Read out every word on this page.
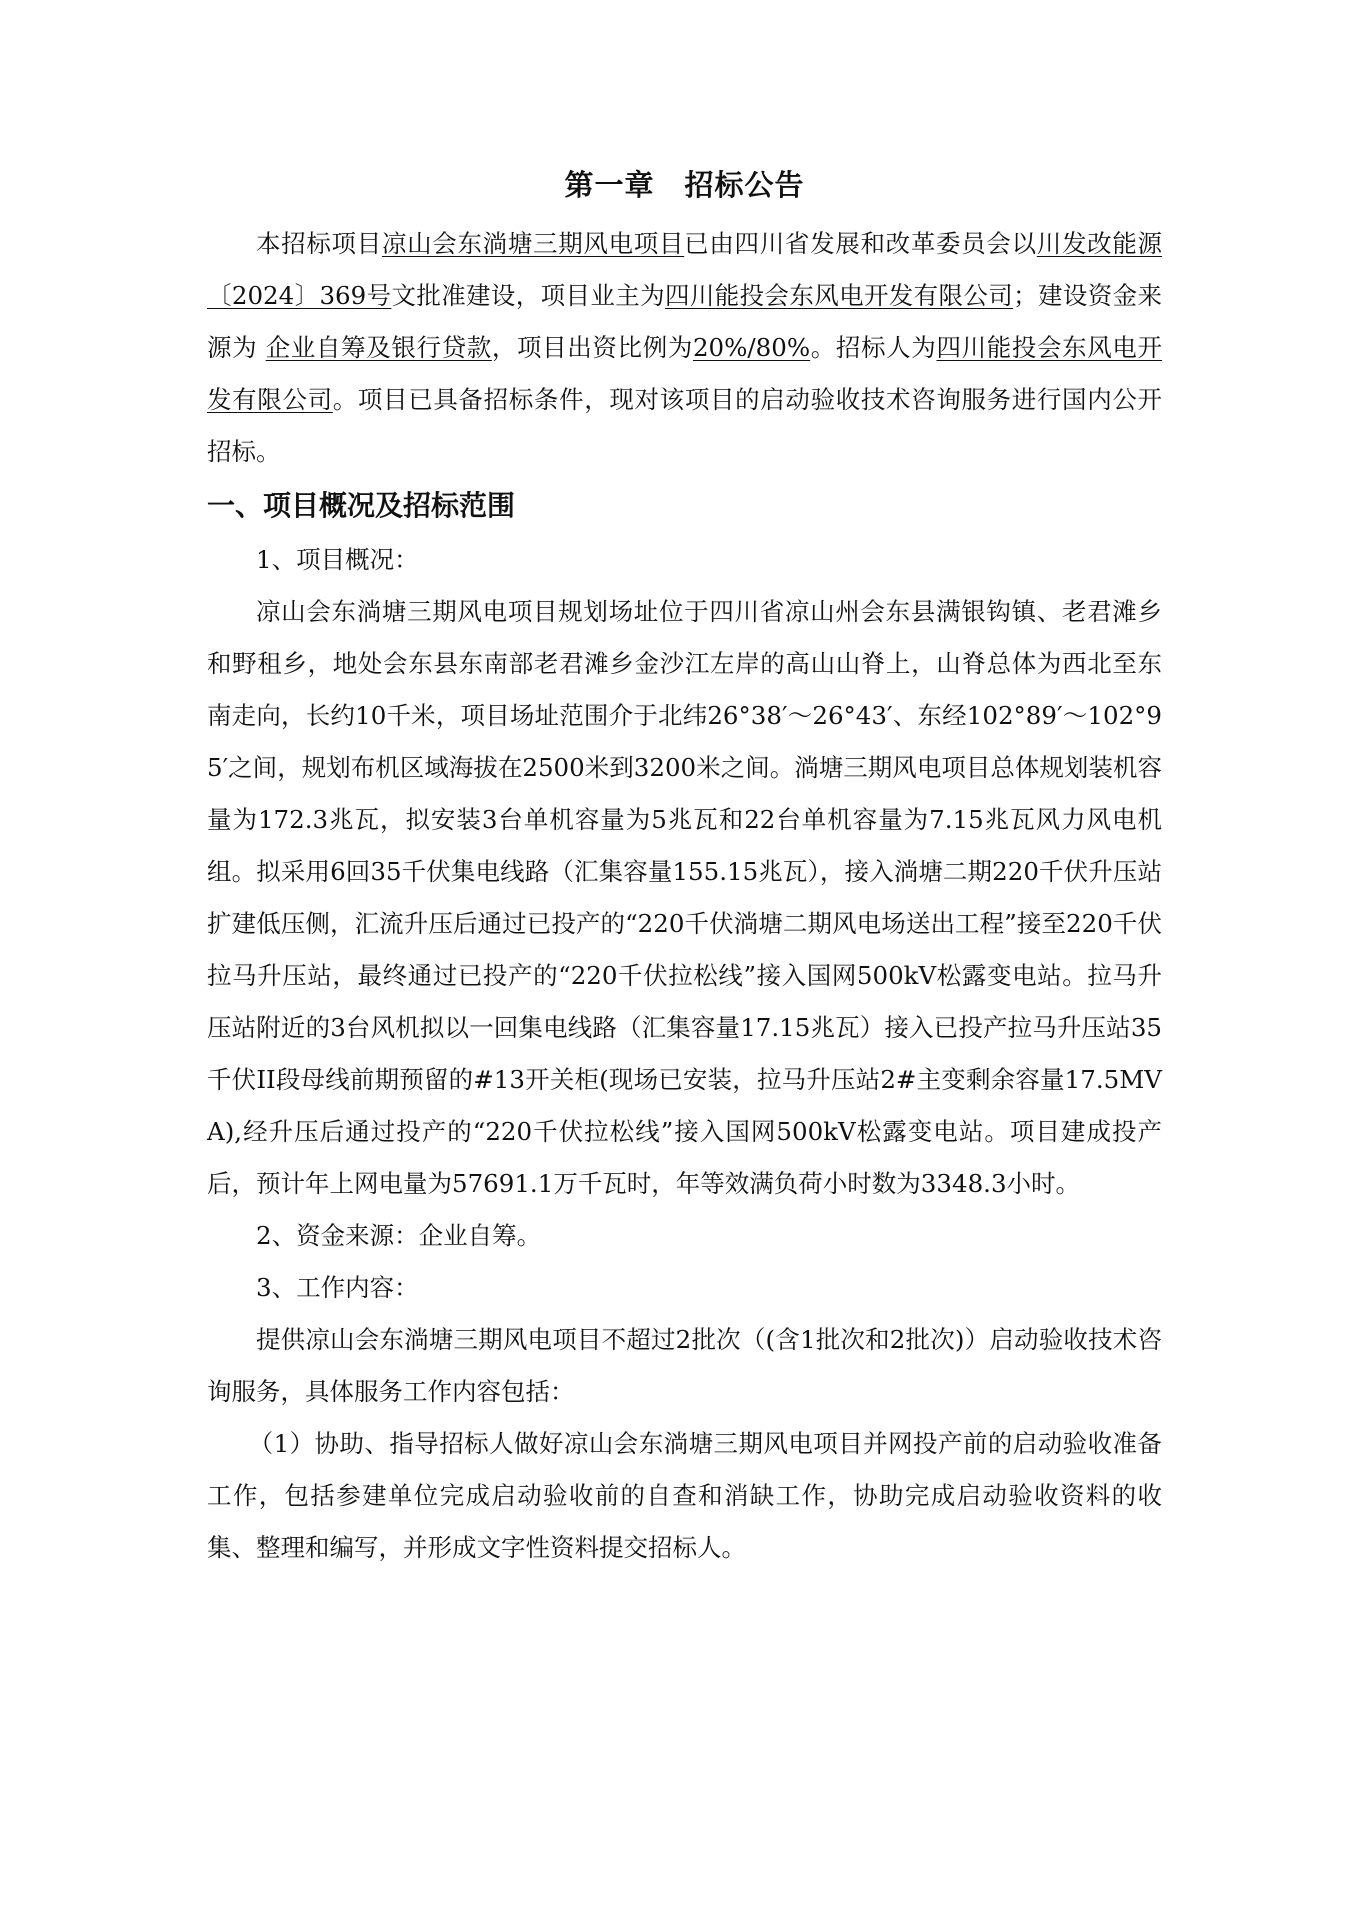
第一章　招标公告

本招标项目凉山会东淌塘三期风电项目已由四川省发展和改革委员会以川发改能源〔2024〕369号文批准建设，项目业主为四川能投会东风电开发有限公司；建设资金来源为 企业自筹及银行贷款，项目出资比例为20%/80%。招标人为四川能投会东风电开发有限公司。项目已具备招标条件，现对该项目的启动验收技术咨询服务进行国内公开招标。

一、项目概况及招标范围

1、项目概况：

凉山会东淌塘三期风电项目规划场址位于四川省凉山州会东县满银钩镇、老君滩乡和野租乡，地处会东县东南部老君滩乡金沙江左岸的高山山脊上，山脊总体为西北至东南走向，长约10千米，项目场址范围介于北纬26°38′～26°43′、东经102°89′～102°95′之间，规划布机区域海拔在2500米到3200米之间。淌塘三期风电项目总体规划装机容量为172.3兆瓦，拟安装3台单机容量为5兆瓦和22台单机容量为7.15兆瓦风力风电机组。拟采用6回35千伏集电线路（汇集容量155.15兆瓦），接入淌塘二期220千伏升压站扩建低压侧，汇流升压后通过已投产的“220千伏淌塘二期风电场送出工程”接至220千伏拉马升压站，最终通过已投产的“220千伏拉松线”接入国网500kV松露变电站。拉马升压站附近的3台风机拟以一回集电线路（汇集容量17.15兆瓦）接入已投产拉马升压站35千伏II段母线前期预留的#13开关柜(现场已安装，拉马升压站2#主变剩余容量17.5MVA),经升压后通过投产的“220千伏拉松线”接入国网500kV松露变电站。项目建成投产后，预计年上网电量为57691.1万千瓦时，年等效满负荷小时数为3348.3小时。

2、资金来源：企业自筹。

3、工作内容：

提供凉山会东淌塘三期风电项目不超过2批次（(含1批次和2批次)）启动验收技术咨询服务，具体服务工作内容包括：

（1）协助、指导招标人做好凉山会东淌塘三期风电项目并网投产前的启动验收准备工作，包括参建单位完成启动验收前的自查和消缺工作，协助完成启动验收资料的收集、整理和编写，并形成文字性资料提交招标人。
